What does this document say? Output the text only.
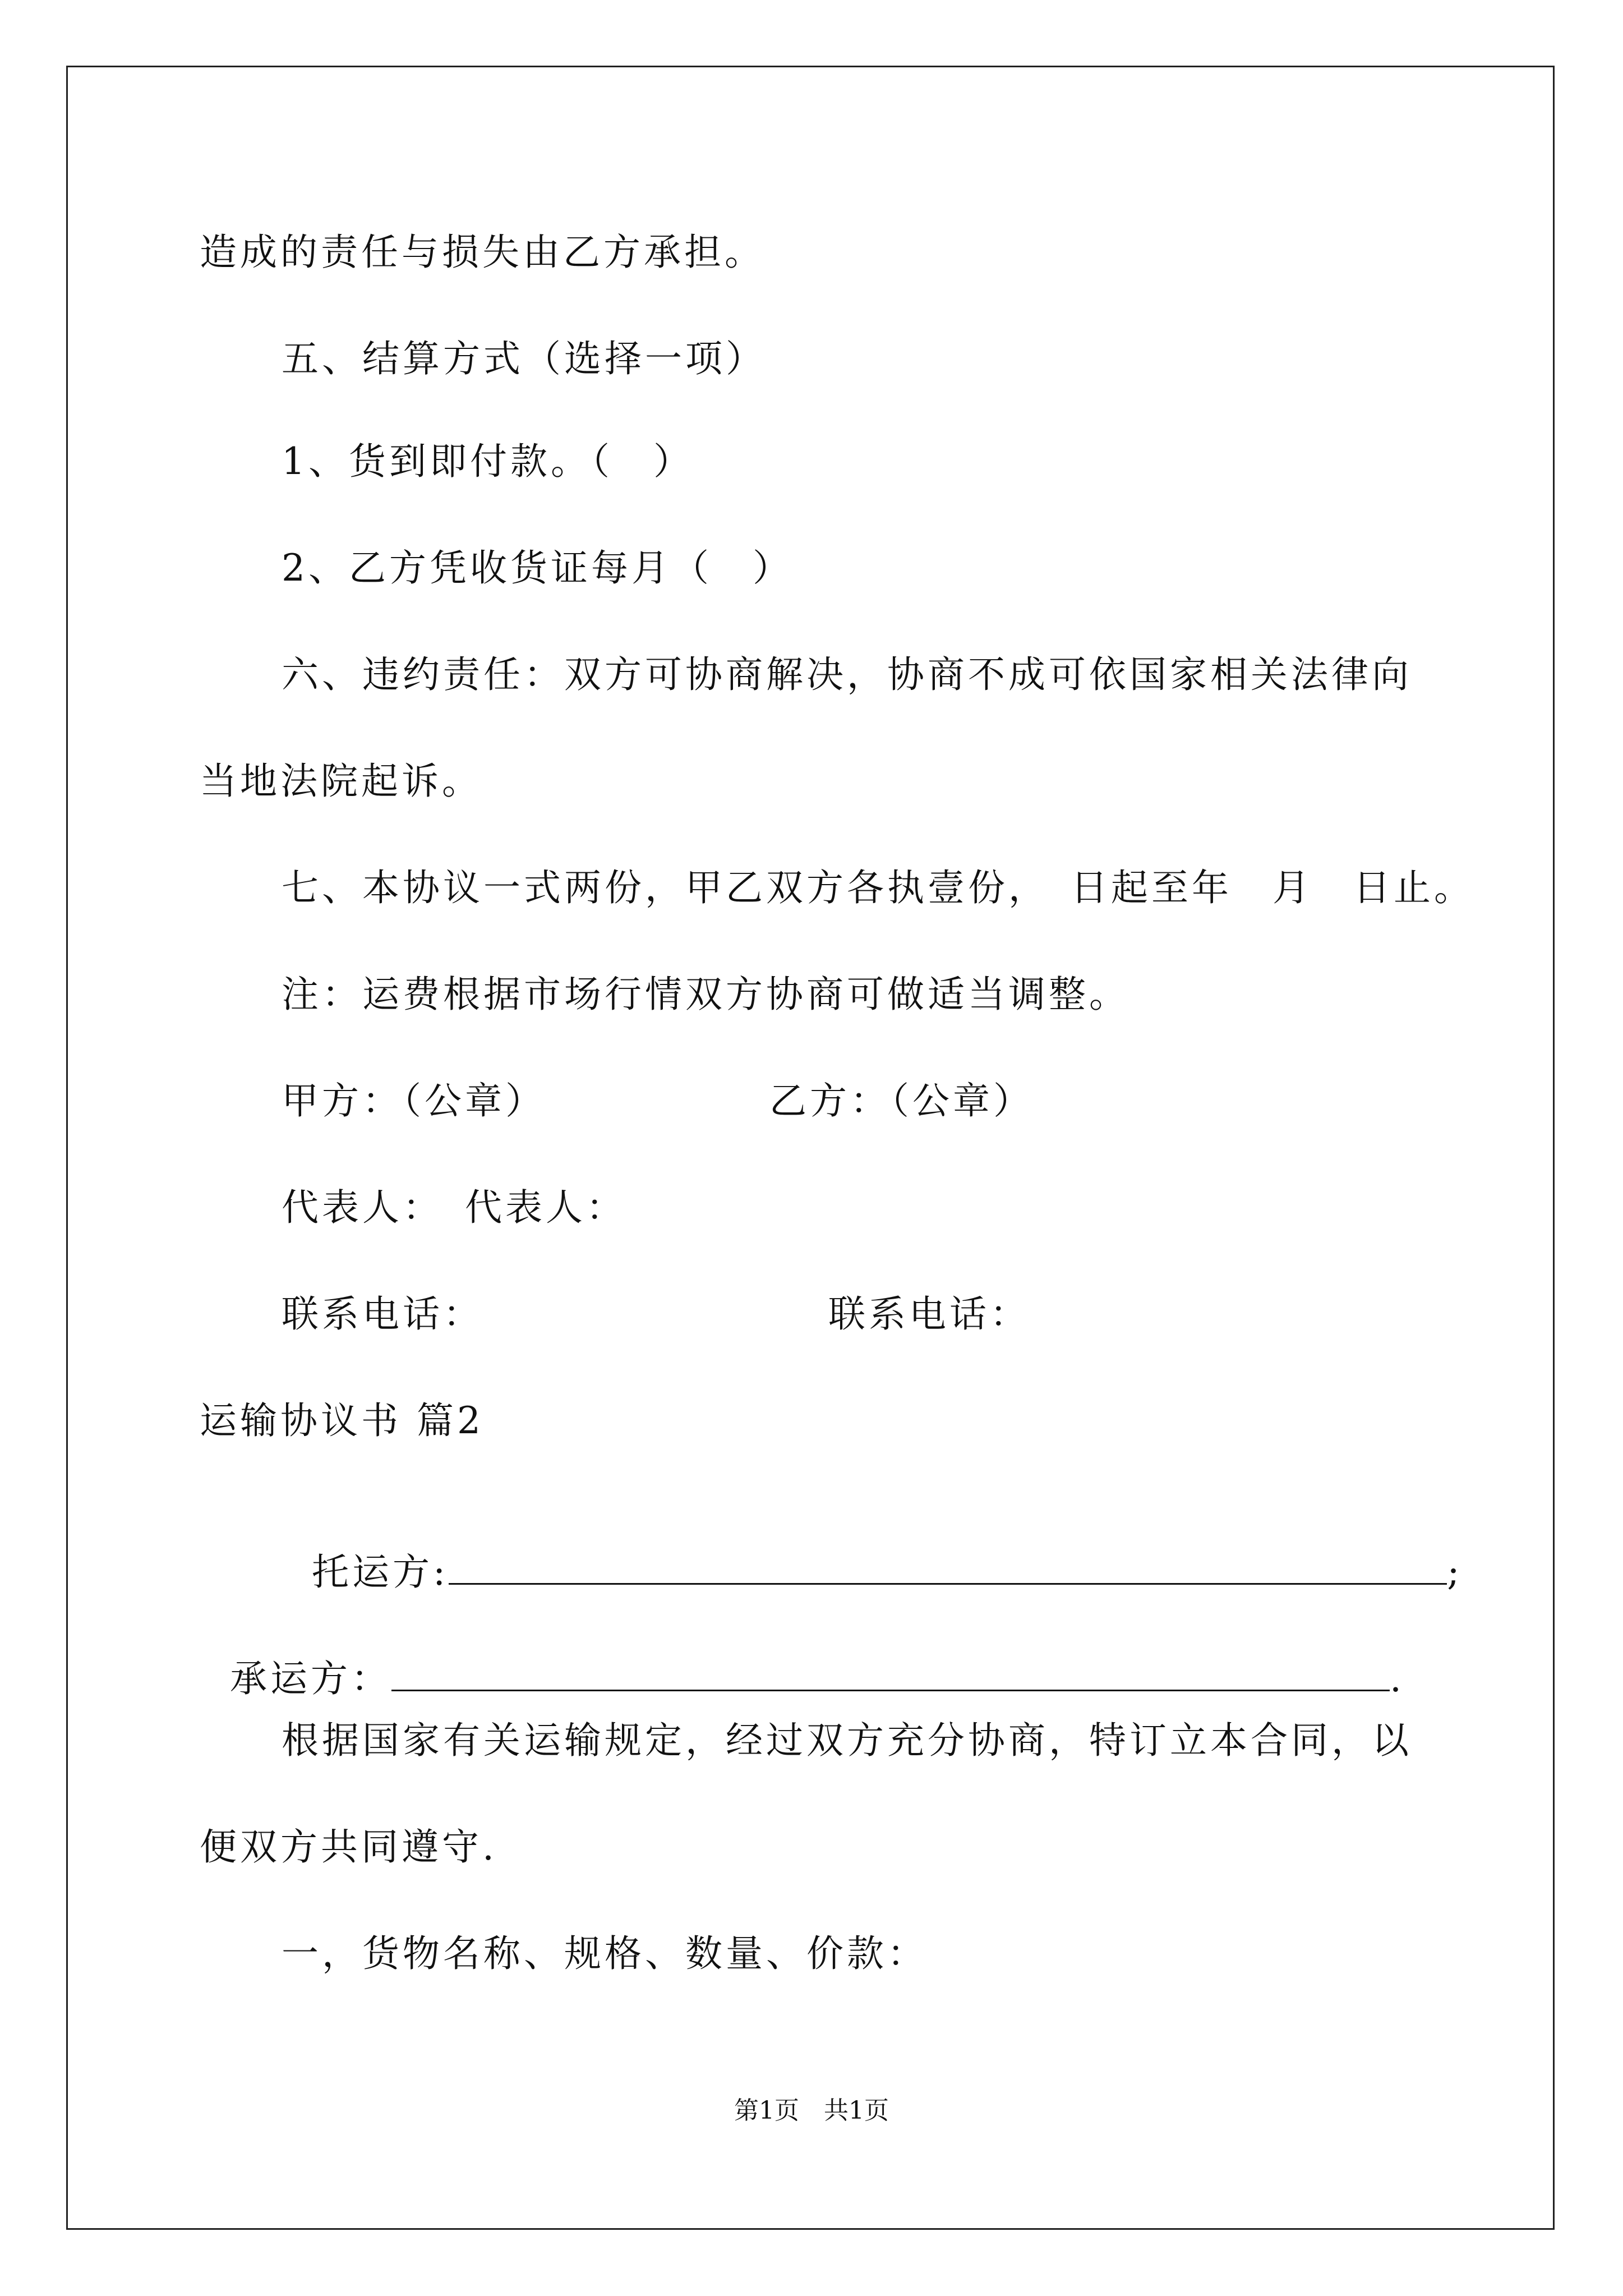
造成的责任与损失由乙方承担。
五、结算方式（选择一项）
1、货到即付款。（　）
2、乙方凭收货证每月（　）
六、违约责任：双方可协商解决，协商不成可依国家相关法律向
当地法院起诉。
七、本协议一式两份，甲乙双方各执壹份，　日起至年　月　日止。
注：运费根据市场行情双方协商可做适当调整。
甲方：（公章）　　　　　　乙方：（公章）
代表人：　代表人：
联系电话：　　　　　　　　　联系电话：
运输协议书 篇2

托运方:	;

承运方：	.

根据国家有关运输规定，经过双方充分协商，特订立本合同，以
便双方共同遵守.
一，货物名称、规格、数量、价款：
第1页　共1页
